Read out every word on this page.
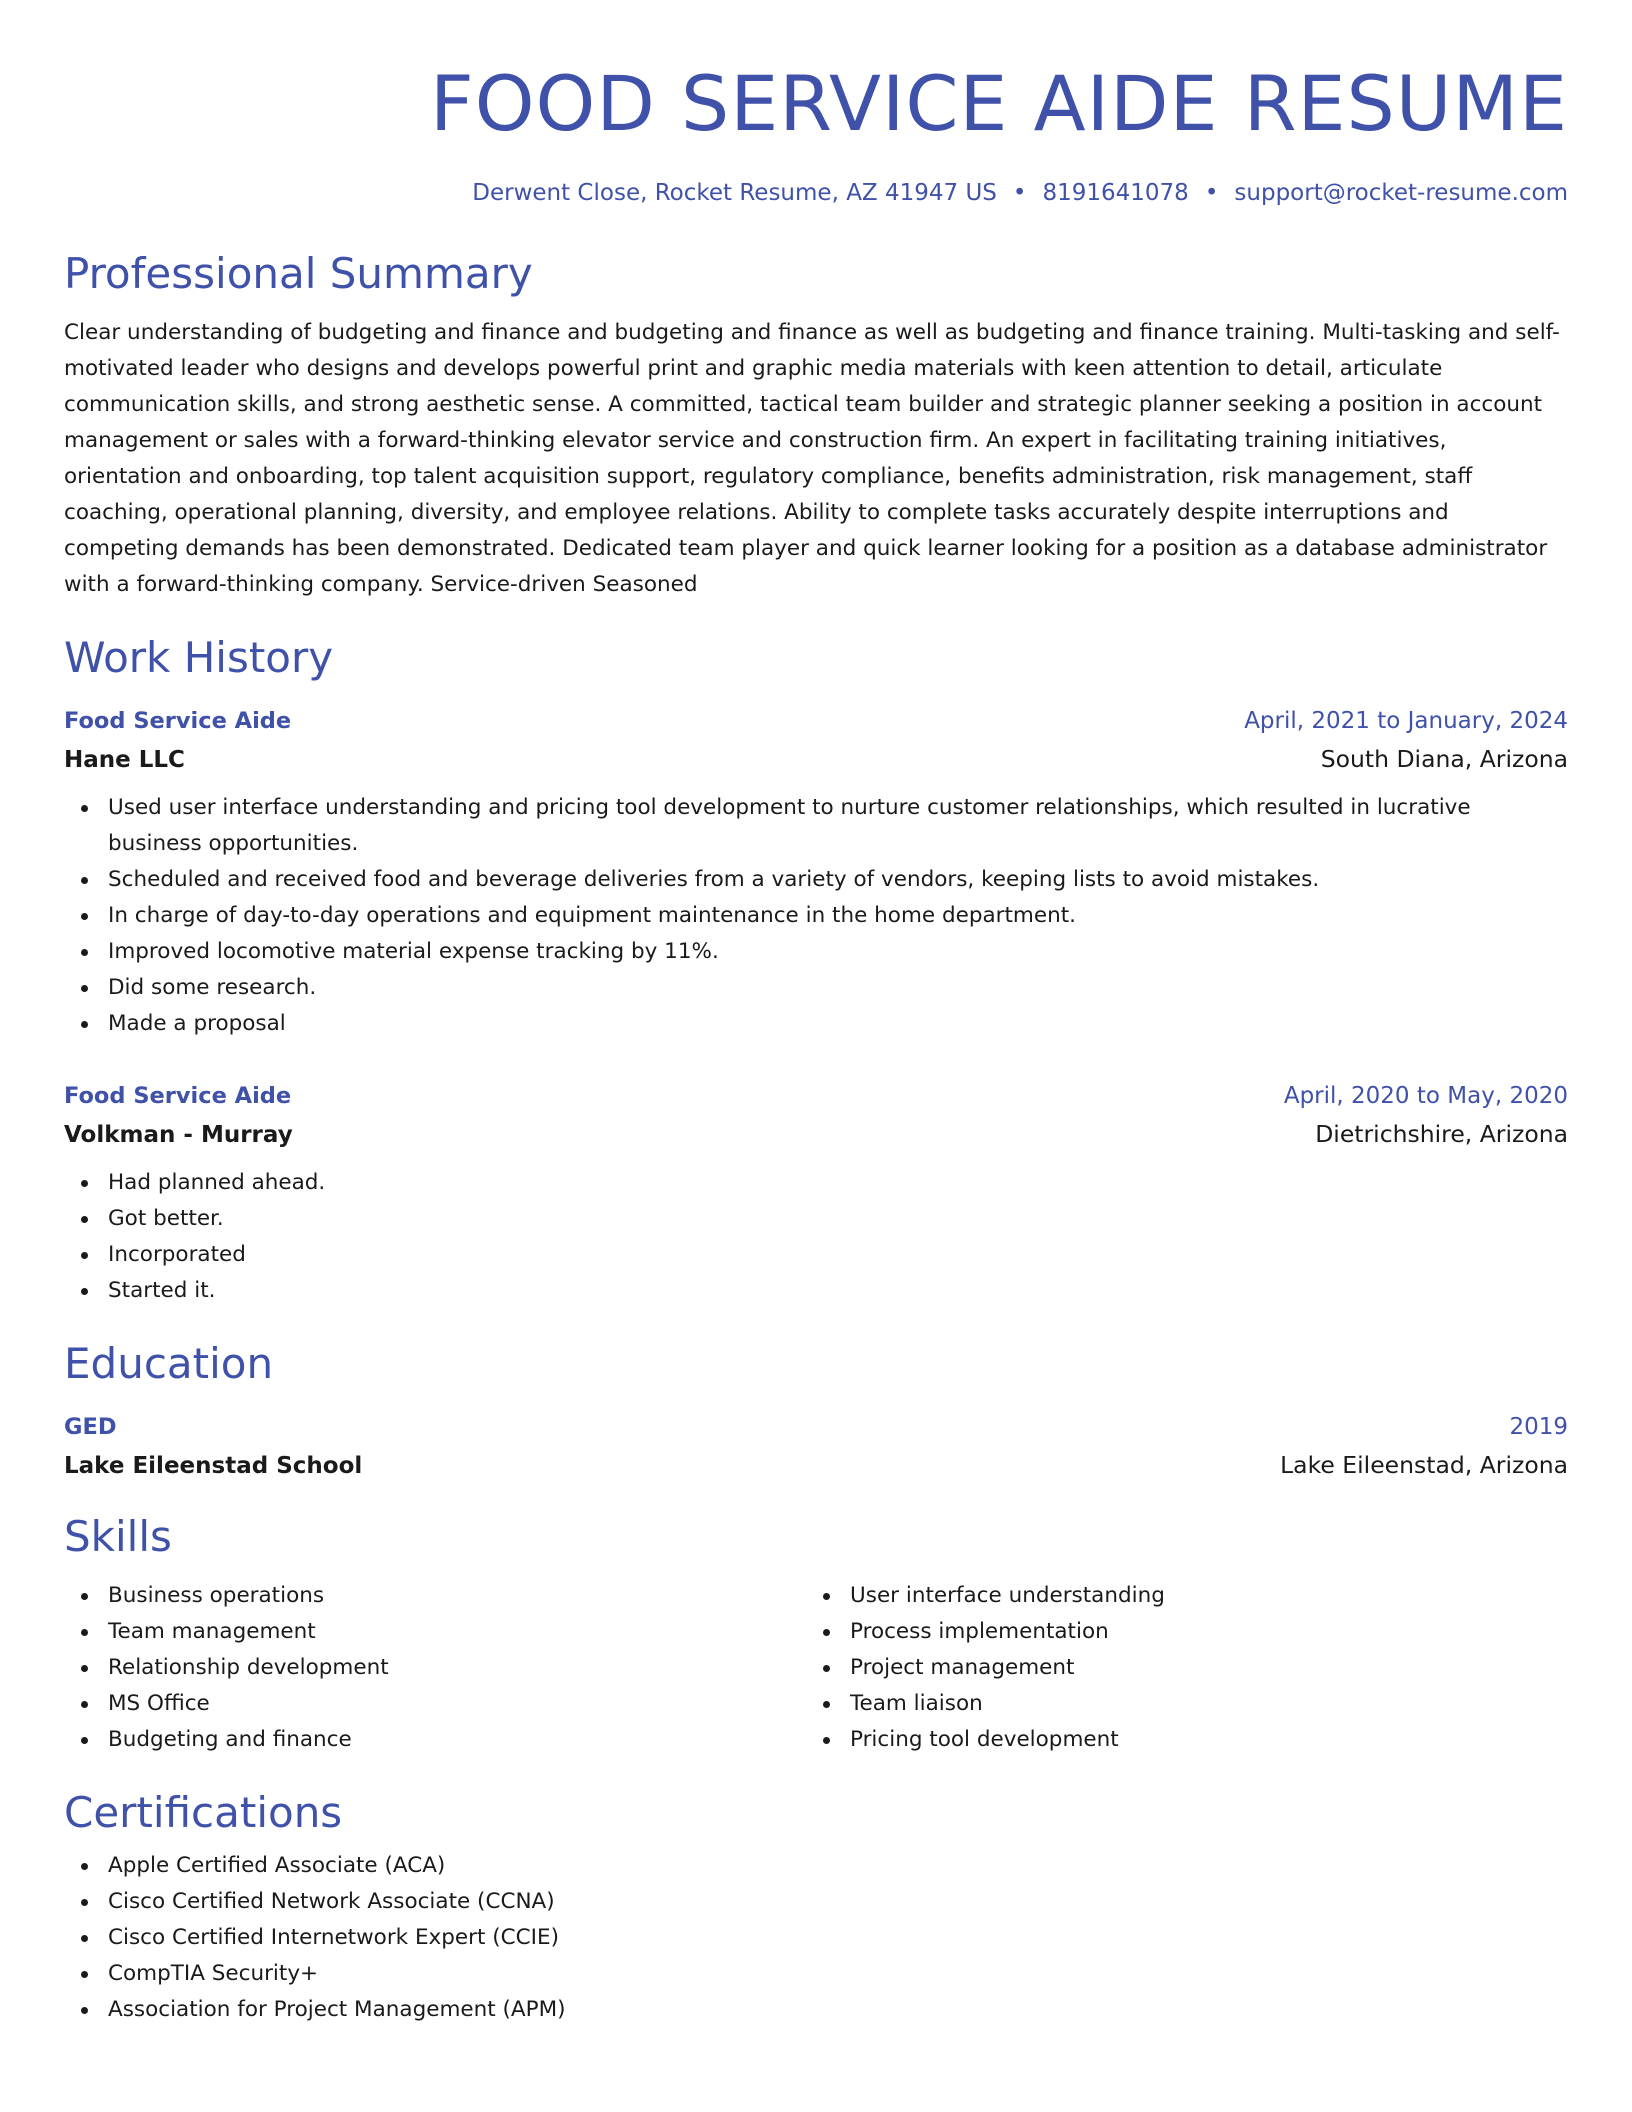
FOOD SERVICE AIDE RESUME
Derwent Close, Rocket Resume, AZ 41947 US • 8191641078 • support@rocket-resume.com
Professional Summary
Clear understanding of budgeting and finance and budgeting and finance as well as budgeting and finance training. Multi-tasking and self-motivated leader who designs and develops powerful print and graphic media materials with keen attention to detail, articulate communication skills, and strong aesthetic sense. A committed, tactical team builder and strategic planner seeking a position in account management or sales with a forward-thinking elevator service and construction firm. An expert in facilitating training initiatives, orientation and onboarding, top talent acquisition support, regulatory compliance, benefits administration, risk management, staff coaching, operational planning, diversity, and employee relations. Ability to complete tasks accurately despite interruptions and competing demands has been demonstrated. Dedicated team player and quick learner looking for a position as a database administrator with a forward-thinking company. Service-driven Seasoned
Work History
Food Service Aide	April, 2021 to January, 2024
Hane LLC	South Diana, Arizona
Used user interface understanding and pricing tool development to nurture customer relationships, which resulted in lucrative business opportunities.
Scheduled and received food and beverage deliveries from a variety of vendors, keeping lists to avoid mistakes.
In charge of day-to-day operations and equipment maintenance in the home department.
Improved locomotive material expense tracking by 11%.
Did some research.
Made a proposal
Food Service Aide	April, 2020 to May, 2020
Volkman - Murray	Dietrichshire, Arizona
Had planned ahead.
Got better.
Incorporated
Started it.
Education
GED	2019
Lake Eileenstad School	Lake Eileenstad, Arizona
Skills
Business operations
Team management
Relationship development
MS Office
Budgeting and finance
User interface understanding
Process implementation
Project management
Team liaison
Pricing tool development
Certifications
Apple Certified Associate (ACA)
Cisco Certified Network Associate (CCNA)
Cisco Certified Internetwork Expert (CCIE)
CompTIA Security+
Association for Project Management (APM)
